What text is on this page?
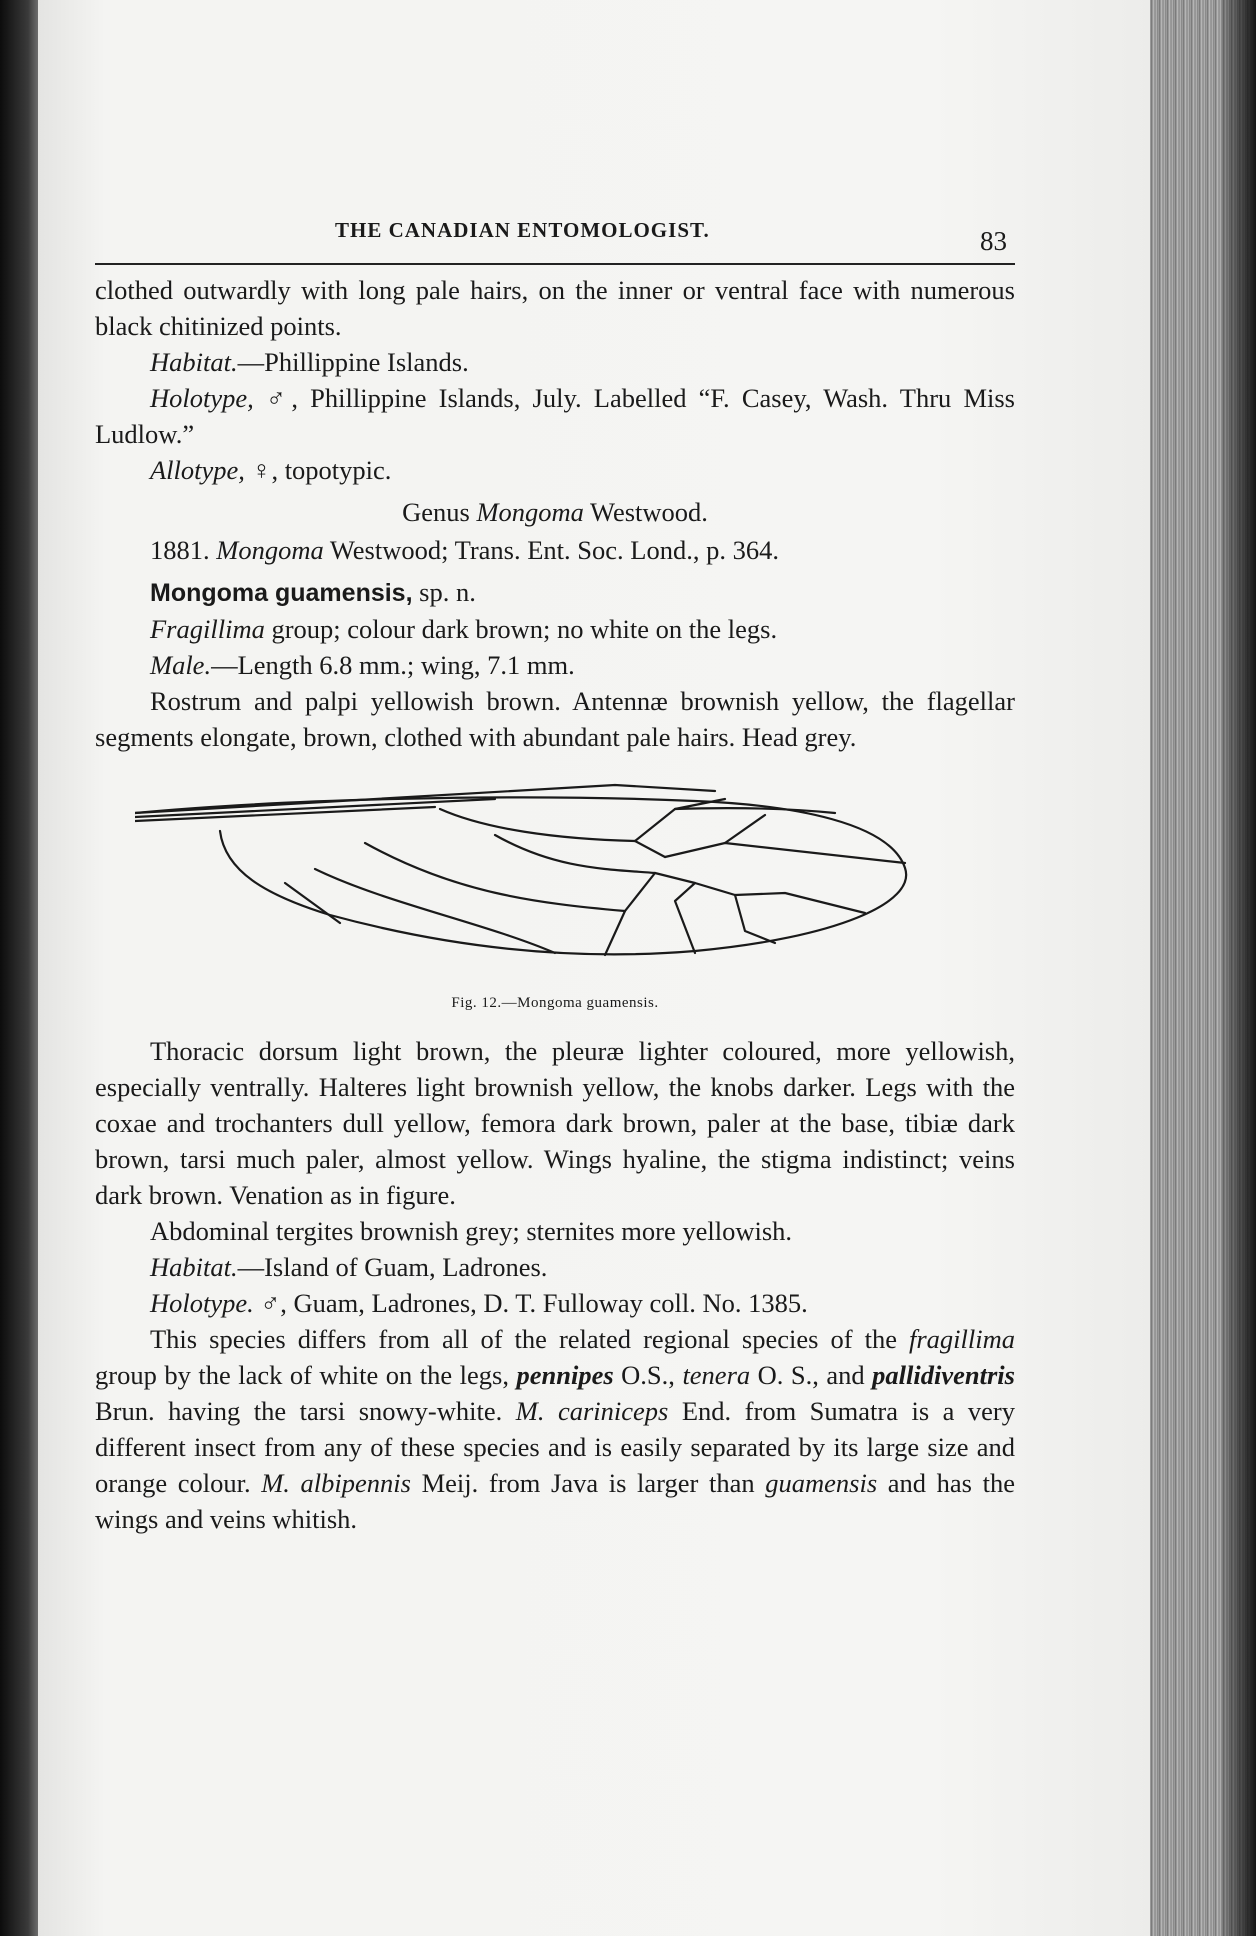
THE CANADIAN ENTOMOLOGIST.	83

clothed outwardly with long pale hairs, on the inner or ventral face with numerous black chitinized points.

Habitat.—Phillippine Islands.

Holotype, ♂, Phillippine Islands, July. Labelled “F. Casey, Wash. Thru Miss Ludlow.”

Allotype, ♀, topotypic.

Genus Mongoma Westwood.

1881. Mongoma Westwood; Trans. Ent. Soc. Lond., p. 364.

Mongoma guamensis, sp. n.

Fragillima group; colour dark brown; no white on the legs.

Male.—Length 6.8 mm.; wing, 7.1 mm.

Rostrum and palpi yellowish brown. Antennæ brownish yellow, the flagellar segments elongate, brown, clothed with abundant pale hairs. Head grey.

Fig. 12.—Mongoma guamensis.

Thoracic dorsum light brown, the pleuræ lighter coloured, more yellowish, especially ventrally. Halteres light brownish yellow, the knobs darker. Legs with the coxae and trochanters dull yellow, femora dark brown, paler at the base, tibiæ dark brown, tarsi much paler, almost yellow. Wings hyaline, the stigma indistinct; veins dark brown. Venation as in figure.

Abdominal tergites brownish grey; sternites more yellowish.

Habitat.—Island of Guam, Ladrones.

Holotype. ♂, Guam, Ladrones, D. T. Fulloway coll. No. 1385.

This species differs from all of the related regional species of the fragillima group by the lack of white on the legs, pennipes O.S., tenera O. S., and pallidiventris Brun. having the tarsi snowy-white. M. cariniceps End. from Sumatra is a very different insect from any of these species and is easily separated by its large size and orange colour. M. albipennis Meij. from Java is larger than guamensis and has the wings and veins whitish.
